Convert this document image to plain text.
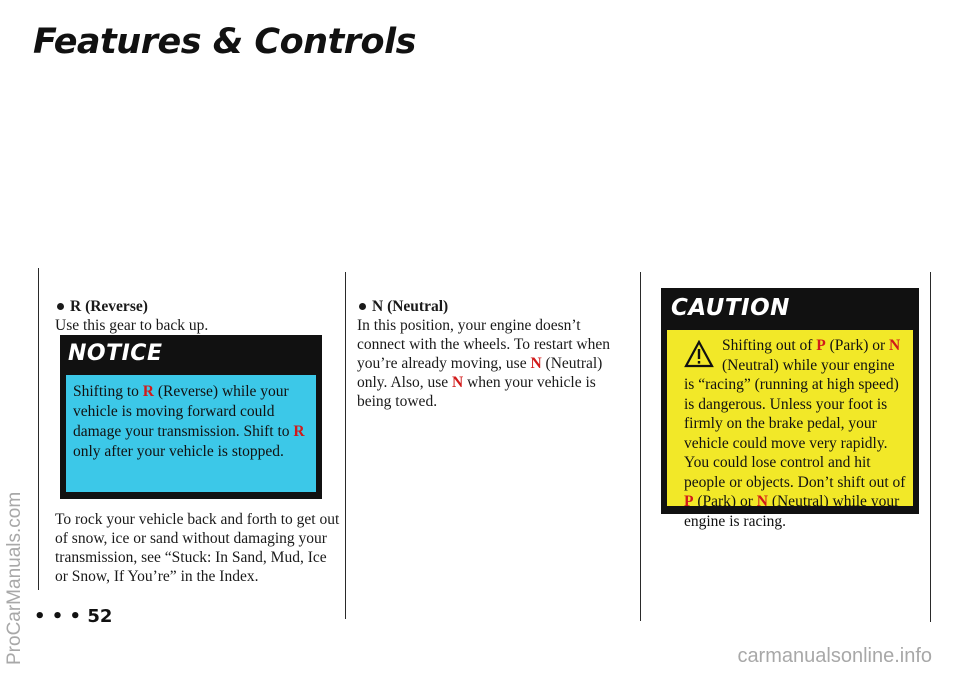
Features & Controls
ProCarManuals.com	carmanualsonline.info

R (Reverse)

Use this gear to back up.

NOTICE
Shifting to R (Reverse) while your vehicle is moving forward could damage your transmission. Shift to R only after your vehicle is stopped.

To rock your vehicle back and forth to get out of snow, ice or sand without damaging your transmission, see “Stuck: In Sand, Mud, Ice or Snow, If You’re” in the Index.

N (Neutral)

In this position, your engine doesn’t connect with the wheels. To restart when you’re already moving, use N (Neutral) only. Also, use N when your vehicle is being towed.

CAUTION
Shifting out of P (Park) or N (Neutral) while your engine is “racing” (running at high speed) is dangerous. Unless your foot is firmly on the brake pedal, your vehicle could move very rapidly. You could lose control and hit people or objects. Don’t shift out of P (Park) or N (Neutral) while your engine is racing.
• • • 52
